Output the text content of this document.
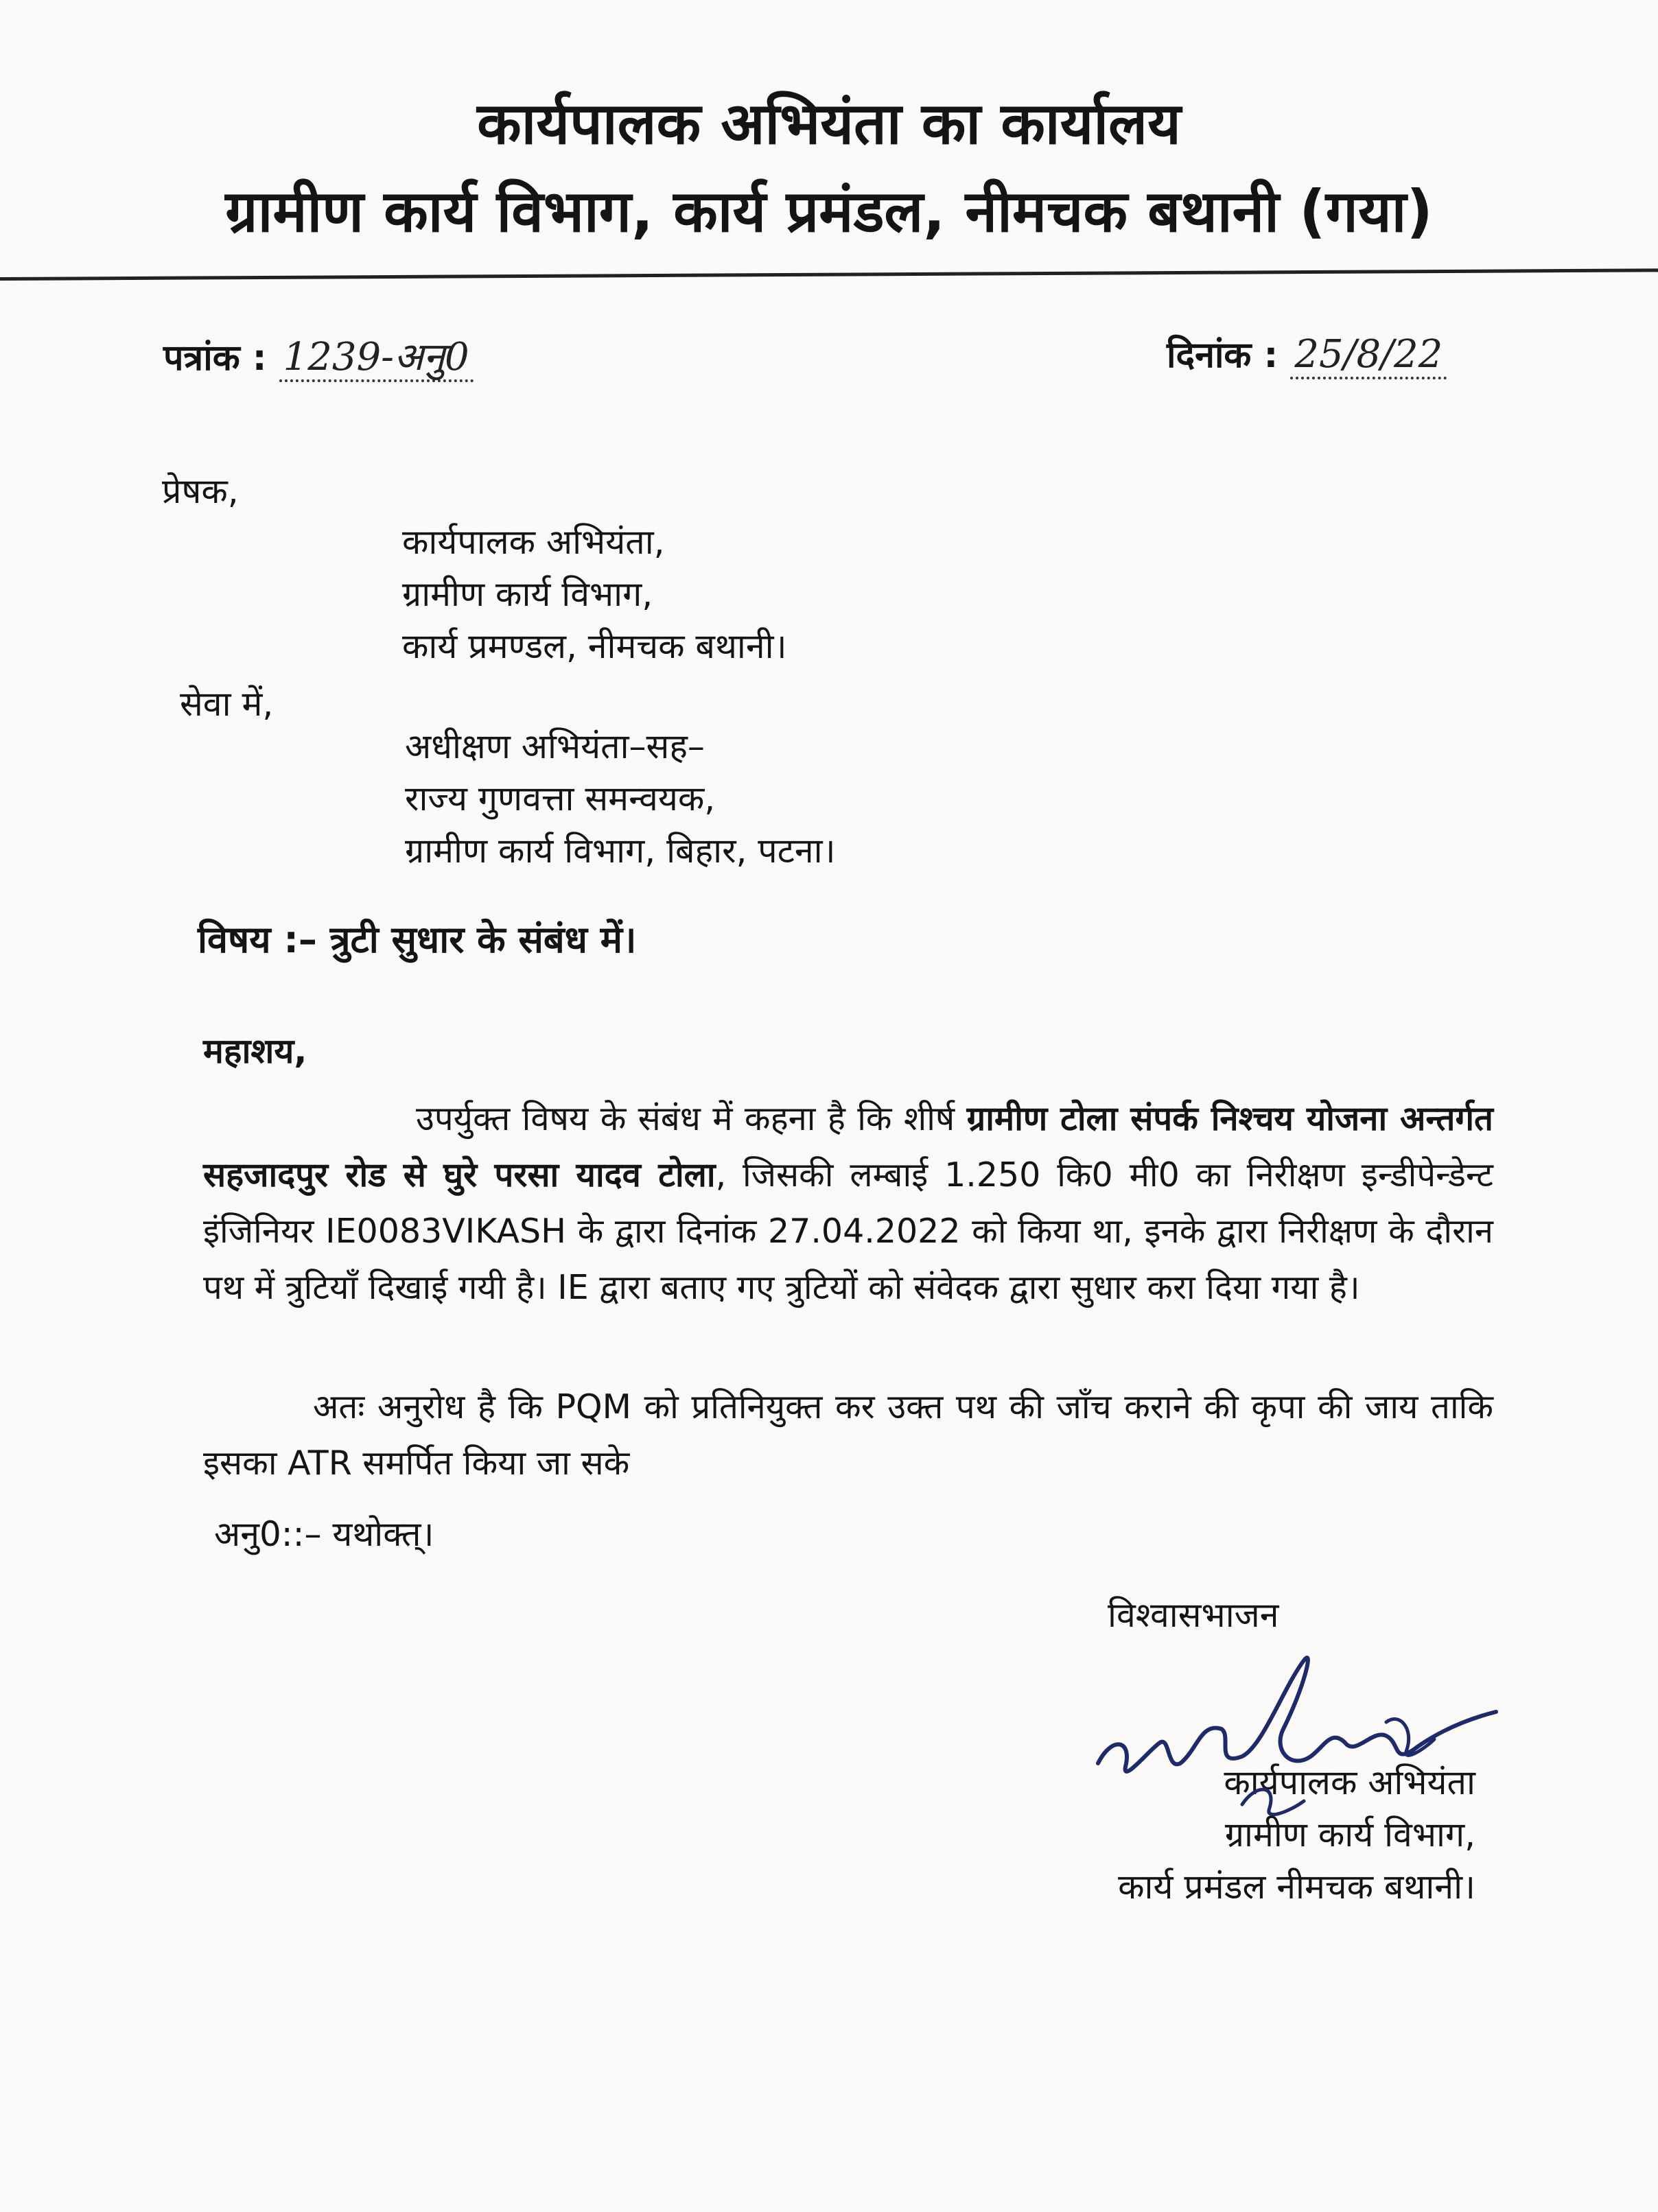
कार्यपालक अभियंता का कार्यालय
ग्रामीण कार्य विभाग, कार्य प्रमंडल, नीमचक बथानी (गया)
पत्रांक : 1239-अनु0	दिनांक : 25/8/22
प्रेषक,
कार्यपालक अभियंता,
ग्रामीण कार्य विभाग,
कार्य प्रमण्डल, नीमचक बथानी।
सेवा में,
अधीक्षण अभियंता–सह–
राज्य गुणवत्ता समन्वयक,
ग्रामीण कार्य विभाग, बिहार, पटना।
विषय :– त्रुटी सुधार के संबंध में।
महाशय,
उपर्युक्त विषय के संबंध में कहना है कि शीर्ष ग्रामीण टोला संपर्क निश्चय योजना अन्तर्गत सहजादपुर रोड से घुरे परसा यादव टोला, जिसकी लम्बाई 1.250 कि0 मी0 का निरीक्षण इन्डीपेन्डेन्ट इंजिनियर IE0083VIKASH के द्वारा दिनांक 27.04.2022 को किया था, इनके द्वारा निरीक्षण के दौरान पथ में त्रुटियाँ दिखाई गयी है। IE द्वारा बताए गए त्रुटियों को संवेदक द्वारा सुधार करा दिया गया है।
अतः अनुरोध है कि PQM को प्रतिनियुक्त कर उक्त पथ की जाँच कराने की कृपा की जाय ताकि इसका ATR समर्पित किया जा सके
अनु0::– यथोक्त्।
विश्वासभाजन
कार्यपालक अभियंता
ग्रामीण कार्य विभाग,
कार्य प्रमंडल नीमचक बथानी।
